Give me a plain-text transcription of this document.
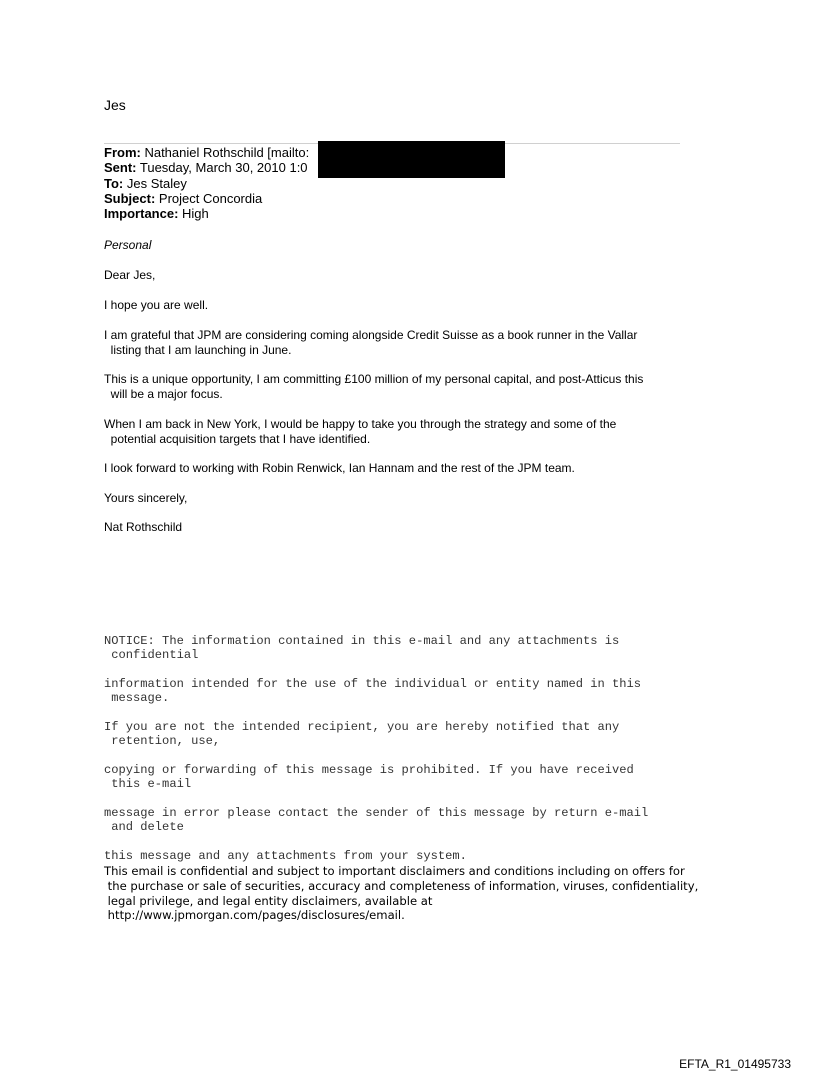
Jes
From: Nathaniel Rothschild [mailto:
Sent: Tuesday, March 30, 2010 1:0
To: Jes Staley
Subject: Project Concordia
Importance: High
Personal
Dear Jes,
I hope you are well.
I am grateful that JPM are considering coming alongside Credit Suisse as a book runner in the Vallar
listing that I am launching in June.
This is a unique opportunity, I am committing £100 million of my personal capital, and post-Atticus this
will be a major focus.
When I am back in New York, I would be happy to take you through the strategy and some of the
potential acquisition targets that I have identified.
I look forward to working with Robin Renwick, Ian Hannam and the rest of the JPM team.
Yours sincerely,
Nat Rothschild
NOTICE: The information contained in this e-mail and any attachments is
confidential
information intended for the use of the individual or entity named in this
message.
If you are not the intended recipient, you are hereby notified that any
retention, use,
copying or forwarding of this message is prohibited. If you have received
this e-mail
message in error please contact the sender of this message by return e-mail
and delete
this message and any attachments from your system.
This email is confidential and subject to important disclaimers and conditions including on offers for
the purchase or sale of securities, accuracy and completeness of information, viruses, confidentiality,
legal privilege, and legal entity disclaimers, available at
http://www.jpmorgan.com/pages/disclosures/email.
EFTA_R1_01495733
